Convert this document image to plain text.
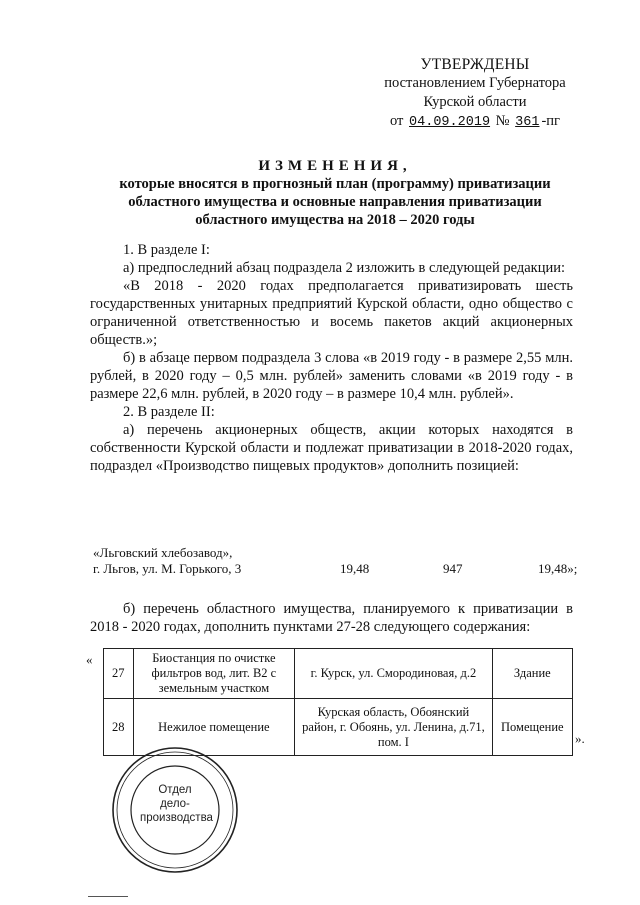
УТВЕРЖДЕНЫ
постановлением Губернатора
Курской области
от 04.09.2019 № 361 -пг
ИЗМЕНЕНИЯ,
которые вносятся в прогнозный план (программу) приватизации
областного имущества и основные направления приватизации
областного имущества на 2018 – 2020 годы

1. В разделе I:

а) предпоследний абзац подраздела 2 изложить в следующей редакции:

«В 2018 - 2020 годах предполагается приватизировать шесть государственных унитарных предприятий Курской области, одно общество с ограниченной ответственностью и восемь пакетов акций акционерных обществ.»;

б) в абзаце первом подраздела 3 слова «в 2019 году - в размере 2,55 млн. рублей, в 2020 году – 0,5 млн. рублей» заменить словами «в 2019 году - в размере 22,6 млн. рублей, в 2020 году – в размере 10,4 млн. рублей».

2. В разделе II:

а) перечень акционерных обществ, акции которых находятся в собственности Курской области и подлежат приватизации в 2018-2020 годах, подраздел «Производство пищевых продуктов» дополнить позицией:

«Льговский хлебозавод»,
г. Льгов, ул. М. Горького, 3	19,48	947	19,48»;

б) перечень областного имущества, планируемого к приватизации в 2018 - 2020 годах, дополнить пунктами 27-28 следующего содержания:

«
27	Биостанция по очистке фильтров вод, лит. В2 с земельным участком	г. Курск, ул. Смородиновая, д.2	Здание
28	Нежилое помещение	Курская область, Обоянский район, г. Обоянь, ул. Ленина, д.71, пом. I	Помещение
».
Отдел
дело-
производства
